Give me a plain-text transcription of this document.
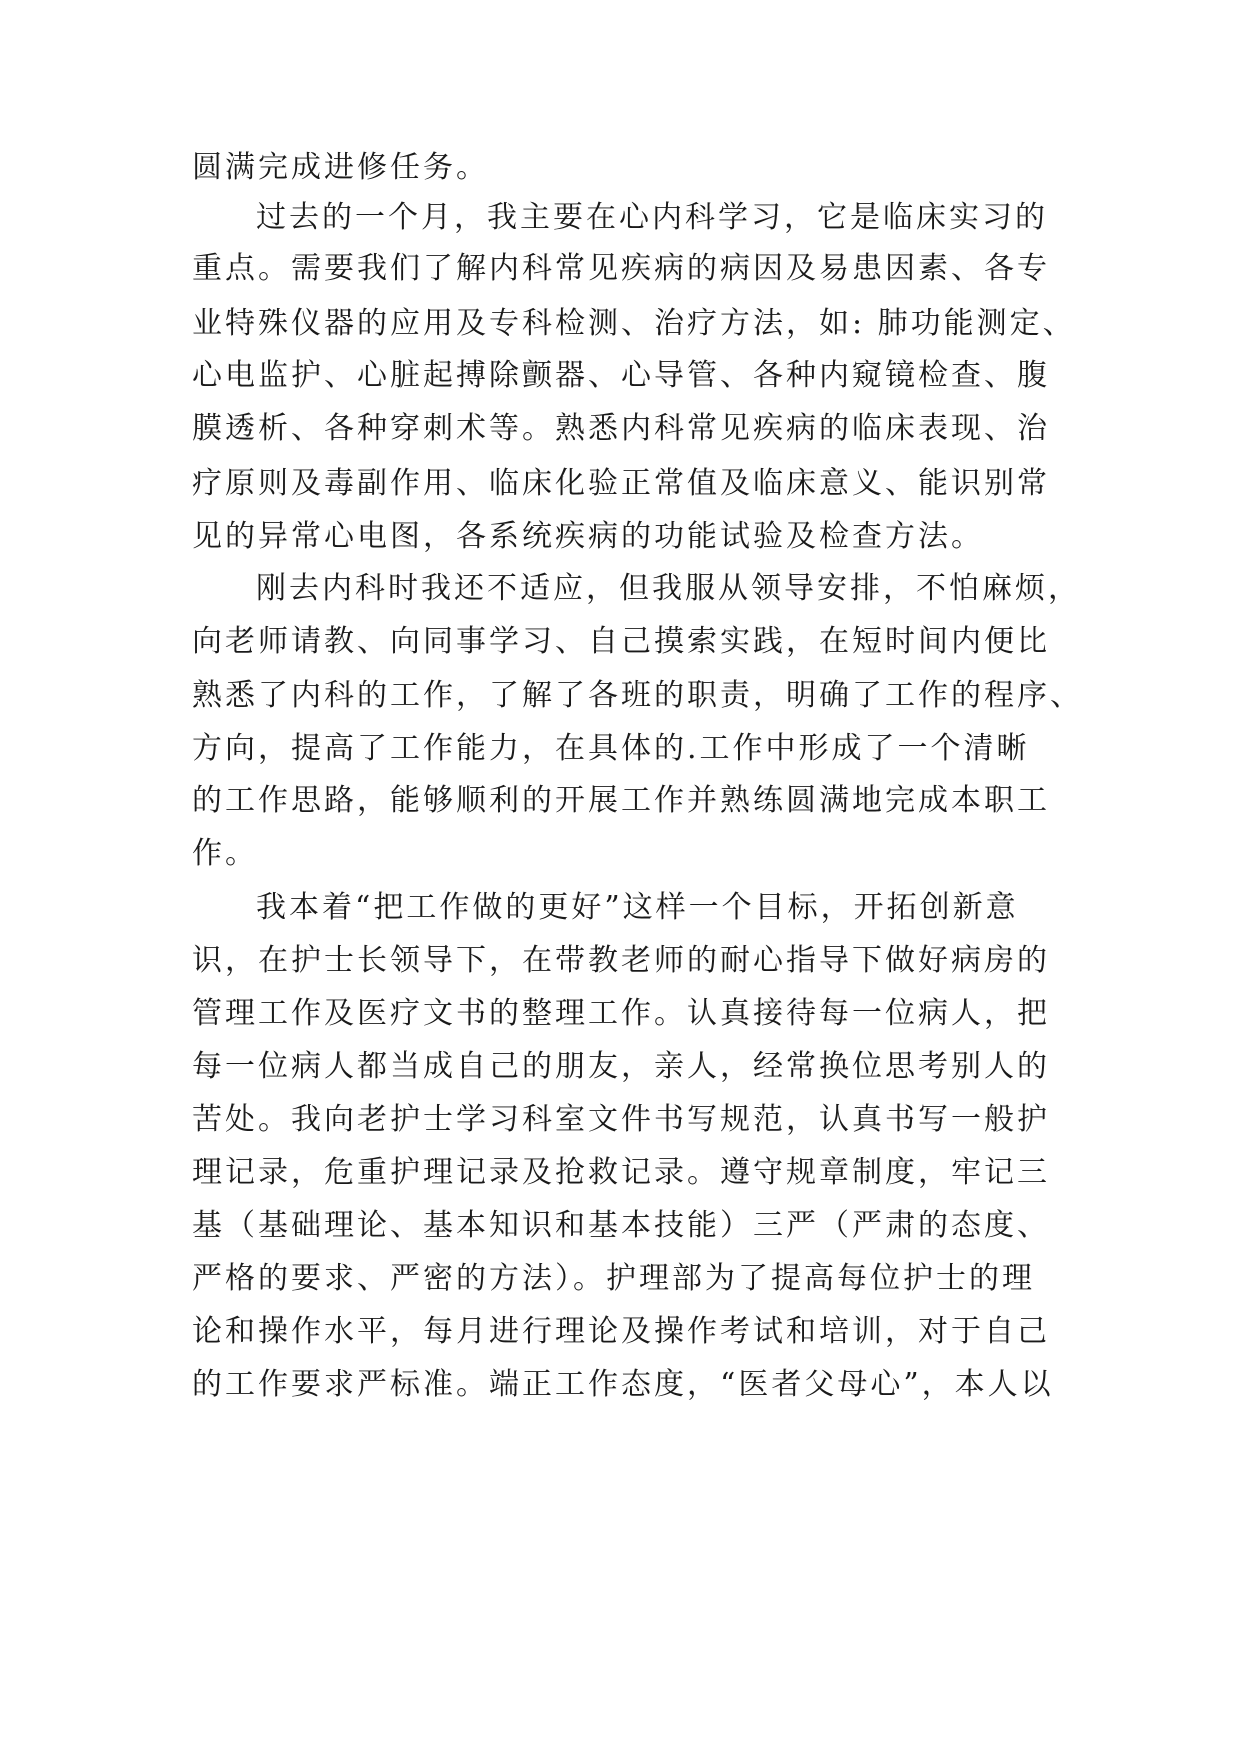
圆满完成进修任务。
过去的一个月，我主要在心内科学习，它是临床实习的
重点。需要我们了解内科常见疾病的病因及易患因素、各专
业特殊仪器的应用及专科检测、治疗方法，如: 肺功能测定、
心电监护、心脏起搏除颤器、心导管、各种内窥镜检查、腹
膜透析、各种穿刺术等。熟悉内科常见疾病的临床表现、治
疗原则及毒副作用、临床化验正常值及临床意义、能识别常
见的异常心电图，各系统疾病的功能试验及检查方法。
刚去内科时我还不适应，但我服从领导安排，不怕麻烦，
向老师请教、向同事学习、自己摸索实践，在短时间内便比
熟悉了内科的工作，了解了各班的职责，明确了工作的程序、
方向，提高了工作能力，在具体的.工作中形成了一个清晰
的工作思路，能够顺利的开展工作并熟练圆满地完成本职工
作。
我本着“把工作做的更好”这样一个目标，开拓创新意
识，在护士长领导下，在带教老师的耐心指导下做好病房的
管理工作及医疗文书的整理工作。认真接待每一位病人，把
每一位病人都当成自己的朋友，亲人，经常换位思考别人的
苦处。我向老护士学习科室文件书写规范，认真书写一般护
理记录，危重护理记录及抢救记录。遵守规章制度，牢记三
基（基础理论、基本知识和基本技能）三严（严肃的态度、
严格的要求、严密的方法）。护理部为了提高每位护士的理
论和操作水平，每月进行理论及操作考试和培训，对于自己
的工作要求严标准。端正工作态度，“医者父母心”，本人以
